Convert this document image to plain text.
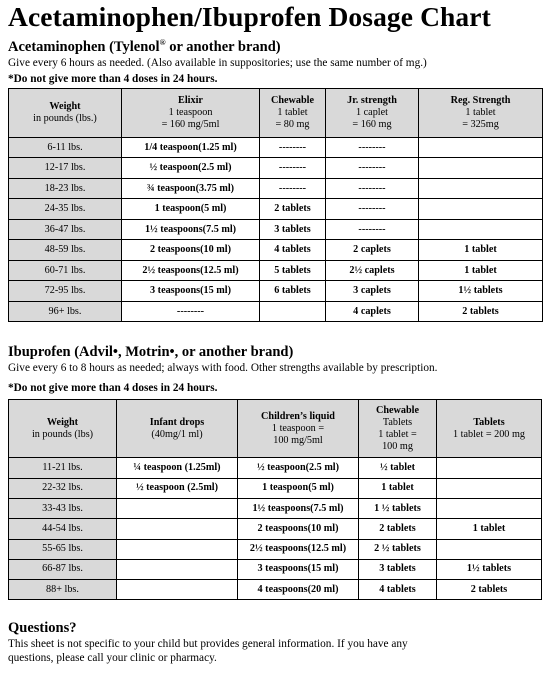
Acetaminophen/Ibuprofen Dosage Chart
Acetaminophen (Tylenol® or another brand)
Give every 6 hours as needed. (Also available in suppositories; use the same number of mg.)
*Do not give more than 4 doses in 24 hours.
Weight
in pounds (lbs.)	Elixir
1 teaspoon
= 160 mg/5ml	Chewable
1 tablet
= 80 mg	Jr. strength
1 caplet
= 160 mg	Reg. Strength
1 tablet
= 325mg

6-11 lbs.	1/4 teaspoon(1.25 ml)	--------	--------	
12-17 lbs.	½ teaspoon(2.5 ml)	--------	--------	
18-23 lbs.	¾ teaspoon(3.75 ml)	--------	--------	
24-35 lbs.	1 teaspoon(5 ml)	2 tablets	--------	
36-47 lbs.	1½ teaspoons(7.5 ml)	3 tablets	--------	
48-59 lbs.	2 teaspoons(10 ml)	4 tablets	2 caplets	1 tablet
60-71 lbs.	2½ teaspoons(12.5 ml)	5 tablets	2½ caplets	1 tablet
72-95 lbs.	3 teaspoons(15 ml)	6 tablets	3 caplets	1½ tablets
96+ lbs.	--------		4 caplets	2 tablets
Ibuprofen (Advil•, Motrin•, or another brand)
Give every 6 to 8 hours as needed; always with food. Other strengths available by prescription.
*Do not give more than 4 doses in 24 hours.
Weight
in pounds (lbs)	Infant drops
(40mg/1 ml)	Children’s liquid
1 teaspoon =
100 mg/5ml	Chewable
Tablets
1 tablet =
100 mg	Tablets
1 tablet = 200 mg

11-21 lbs.	¼ teaspoon (1.25ml)	½ teaspoon(2.5 ml)	½ tablet	
22-32 lbs.	½ teaspoon (2.5ml)	1 teaspoon(5 ml)	1 tablet	
33-43 lbs.		1½ teaspoons(7.5 ml)	1 ½ tablets	
44-54 lbs.		2 teaspoons(10 ml)	2 tablets	1 tablet
55-65 lbs.		2½ teaspoons(12.5 ml)	2 ½ tablets	
66-87 lbs.		3 teaspoons(15 ml)	3 tablets	1½ tablets
88+ lbs.		4 teaspoons(20 ml)	4 tablets	2 tablets
Questions?
This sheet is not specific to your child but provides general information. If you have any
questions, please call your clinic or pharmacy.
